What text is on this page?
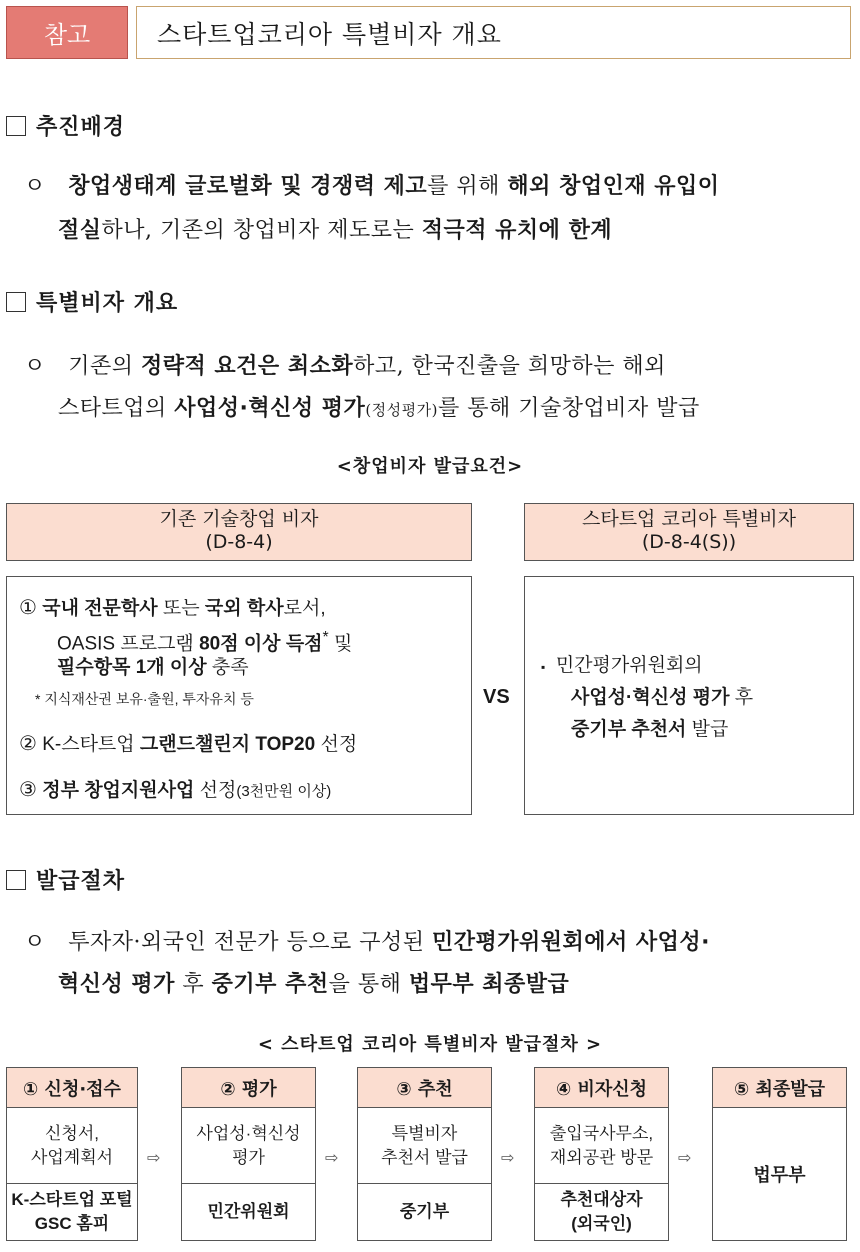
참고	스타트업코리아 특별비자 개요
추진배경
ㅇ 창업생태계 글로벌화 및 경쟁력 제고를 위해 해외 창업인재 유입이
절실하나, 기존의 창업비자 제도로는 적극적 유치에 한계
특별비자 개요
ㅇ 기존의 정략적 요건은 최소화하고, 한국진출을 희망하는 해외
스타트업의 사업성·혁신성 평가(정성평가)를 통해 기술창업비자 발급
<창업비자 발급요건>
기존 기술창업 비자
(D-8-4)
스타트업 코리아 특별비자
(D-8-4(S))
① 국내 전문학사 또는 국외 학사로서,
OASIS 프로그램 80점 이상 득점* 및
필수항목 1개 이상 충족
* 지식재산권 보유·출원, 투자유치 등
② K-스타트업 그랜드챌린지 TOP20 선정
③ 정부 창업지원사업 선정(3천만원 이상)
VS
▪ 민간평가위원회의
사업성·혁신성 평가 후
중기부 추천서 발급
발급절차
ㅇ 투자자·외국인 전문가 등으로 구성된 민간평가위원회에서 사업성·
혁신성 평가 후 중기부 추천을 통해 법무부 최종발급
< 스타트업 코리아 특별비자 발급절차 >
① 신청·접수
신청서,
사업계획서
K-스타트업 포털
GSC 홈피
⇨
② 평가
사업성·혁신성
평가
민간위원회
⇨
③ 추천
특별비자
추천서 발급
중기부
⇨
④ 비자신청
출입국사무소,
재외공관 방문
추천대상자
(외국인)
⇨
⑤ 최종발급
법무부
